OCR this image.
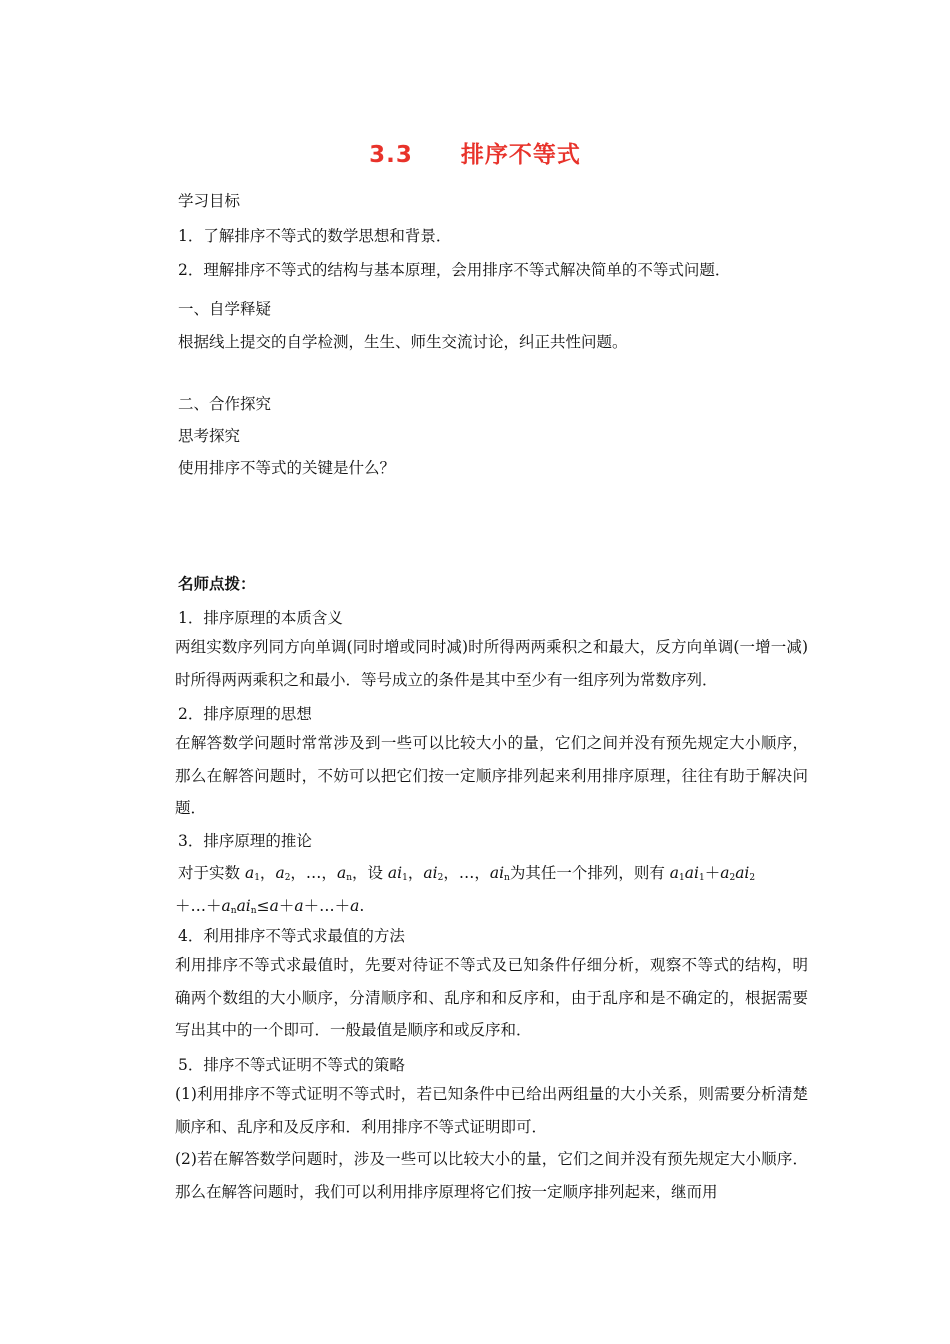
3.3 排序不等式
学习目标
1．了解排序不等式的数学思想和背景．
2．理解排序不等式的结构与基本原理，会用排序不等式解决简单的不等式问题．
一、自学释疑
根据线上提交的自学检测，生生、师生交流讨论，纠正共性问题。
二、合作探究
思考探究
使用排序不等式的关键是什么？
名师点拨：
1．排序原理的本质含义
两组实数序列同方向单调(同时增或同时减)时所得两两乘积之和最大，反方向单调(一增一减)时所得两两乘积之和最小．等号成立的条件是其中至少有一组序列为常数序列．
2．排序原理的思想
在解答数学问题时常常涉及到一些可以比较大小的量，它们之间并没有预先规定大小顺序，那么在解答问题时，不妨可以把它们按一定顺序排列起来利用排序原理，往往有助于解决问题．
3．排序原理的推论
对于实数 $a_1$，$a_2$，…，$a_n$，设 $ai_1$，$ai_2$，…，$ai_n$为其任一个排列，则有 $a_1ai_1+a_2ai_2$
$+\dots+a_nai_n\le a+a+\dots+a$.
4．利用排序不等式求最值的方法
利用排序不等式求最值时，先要对待证不等式及已知条件仔细分析，观察不等式的结构，明确两个数组的大小顺序，分清顺序和、乱序和和反序和，由于乱序和是不确定的，根据需要写出其中的一个即可．一般最值是顺序和或反序和．
5．排序不等式证明不等式的策略
(1)利用排序不等式证明不等式时，若已知条件中已给出两组量的大小关系，则需要分析清楚顺序和、乱序和及反序和．利用排序不等式证明即可．
(2)若在解答数学问题时，涉及一些可以比较大小的量，它们之间并没有预先规定大小顺序．那么在解答问题时，我们可以利用排序原理将它们按一定顺序排列起来，继而用
